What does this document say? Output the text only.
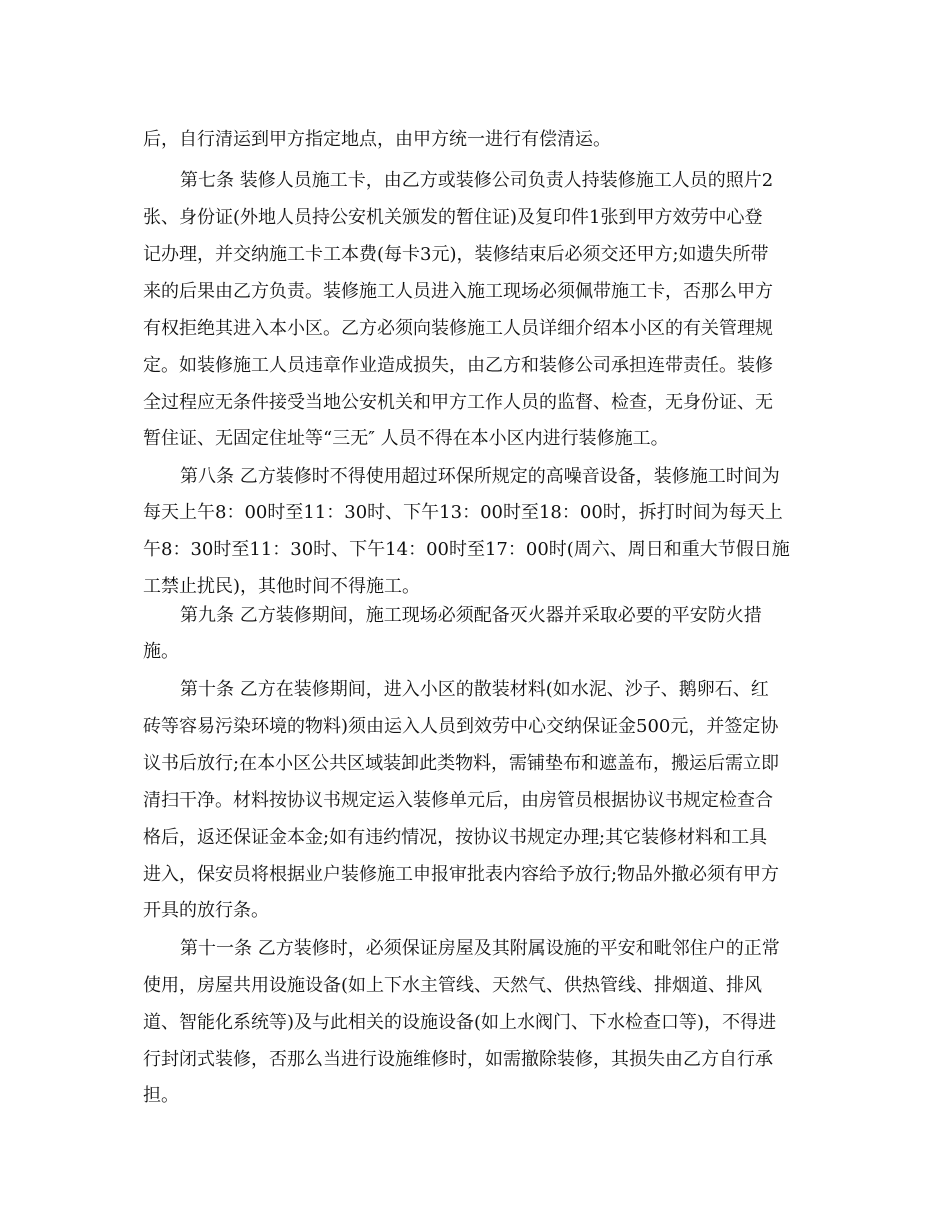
后，自行清运到甲方指定地点，由甲方统一进行有偿清运。

第七条 装修人员施工卡，由乙方或装修公司负责人持装修施工人员的照片2

张、身份证(外地人员持公安机关颁发的暂住证)及复印件1张到甲方效劳中心登

记办理，并交纳施工卡工本费(每卡3元)，装修结束后必须交还甲方;如遗失所带

来的后果由乙方负责。装修施工人员进入施工现场必须佩带施工卡，否那么甲方

有权拒绝其进入本小区。乙方必须向装修施工人员详细介绍本小区的有关管理规

定。如装修施工人员违章作业造成损失，由乙方和装修公司承担连带责任。装修

全过程应无条件接受当地公安机关和甲方工作人员的监督、检查，无身份证、无

暂住证、无固定住址等“三无″ 人员不得在本小区内进行装修施工。

第八条 乙方装修时不得使用超过环保所规定的高噪音设备，装修施工时间为

每天上午8：00时至11：30时、下午13：00时至18：00时，拆打时间为每天上

午8：30时至11：30时、下午14：00时至17：00时(周六、周日和重大节假日施

工禁止扰民)，其他时间不得施工。

第九条 乙方装修期间，施工现场必须配备灭火器并采取必要的平安防火措

施。

第十条 乙方在装修期间，进入小区的散装材料(如水泥、沙子、鹅卵石、红

砖等容易污染环境的物料)须由运入人员到效劳中心交纳保证金500元，并签定协

议书后放行;在本小区公共区域装卸此类物料，需铺垫布和遮盖布，搬运后需立即

清扫干净。材料按协议书规定运入装修单元后，由房管员根据协议书规定检查合

格后，返还保证金本金;如有违约情况，按协议书规定办理;其它装修材料和工具

进入，保安员将根据业户装修施工申报审批表内容给予放行;物品外撤必须有甲方

开具的放行条。

第十一条 乙方装修时，必须保证房屋及其附属设施的平安和毗邻住户的正常

使用，房屋共用设施设备(如上下水主管线、天然气、供热管线、排烟道、排风

道、智能化系统等)及与此相关的设施设备(如上水阀门、下水检查口等)，不得进

行封闭式装修，否那么当进行设施维修时，如需撤除装修，其损失由乙方自行承

担。
